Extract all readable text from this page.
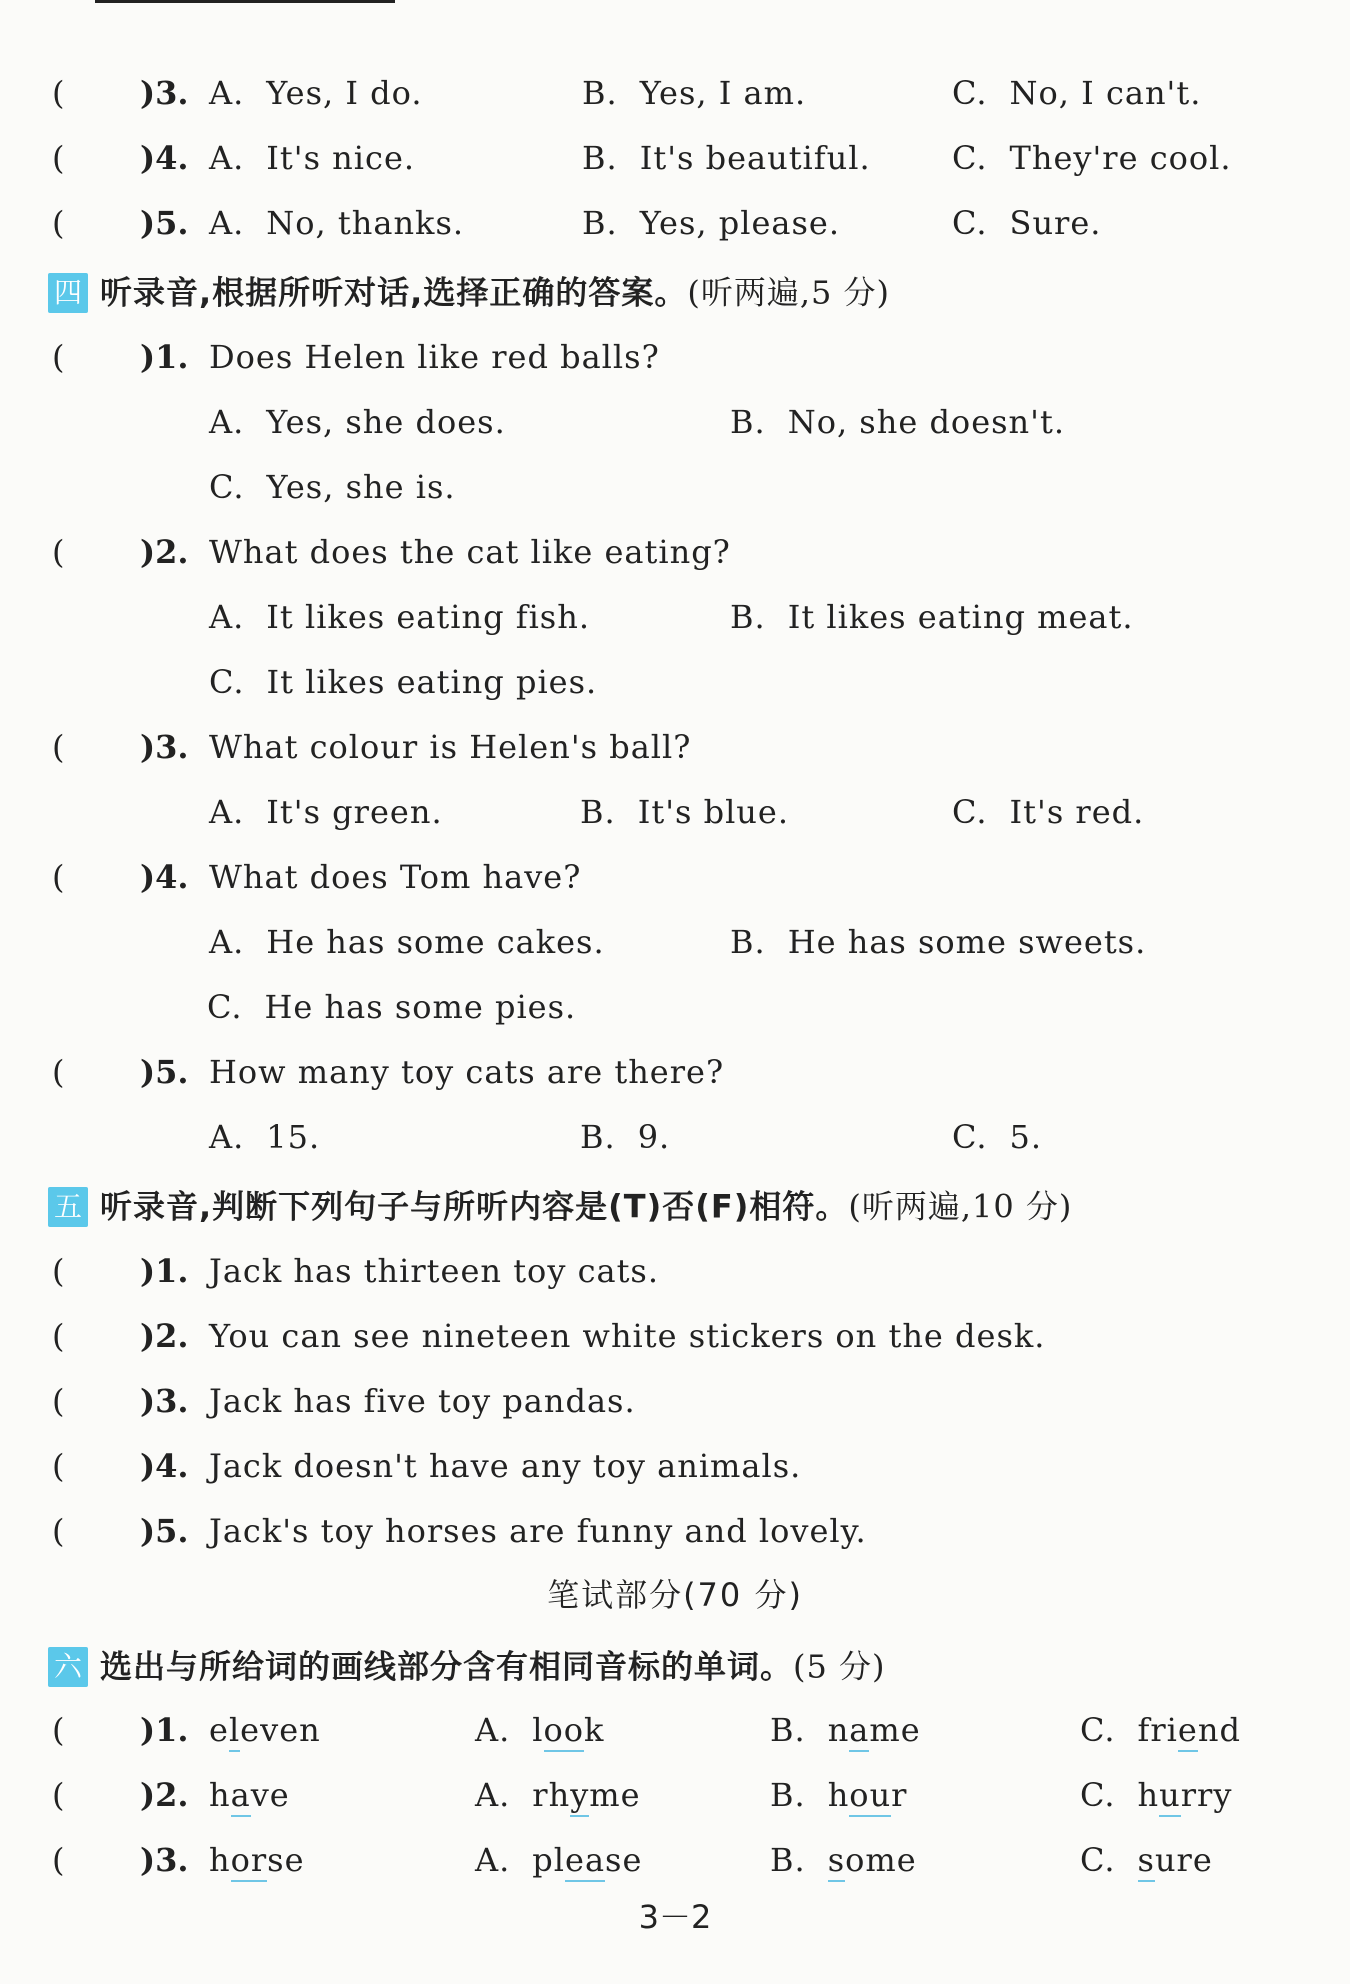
( )3. A. Yes, I do.	B. Yes, I am.	C. No, I can't.
( )4. A. It's nice.	B. It's beautiful.	C. They're cool.
( )5. A. No, thanks.	B. Yes, please.	C. Sure.
四 听录音,根据所听对话,选择正确的答案。(听两遍,5 分)
( )1. Does Helen like red balls?
A. Yes, she does.	B. No, she doesn't.
C. Yes, she is.
( )2. What does the cat like eating?
A. It likes eating fish.	B. It likes eating meat.
C. It likes eating pies.
( )3. What colour is Helen's ball?
A. It's green.	B. It's blue.	C. It's red.
( )4. What does Tom have?
A. He has some cakes.	B. He has some sweets.
C. He has some pies.
( )5. How many toy cats are there?
A. 15.	B. 9.	C. 5.
五 听录音,判断下列句子与所听内容是(T)否(F)相符。(听两遍,10 分)
( )1. Jack has thirteen toy cats.
( )2. You can see nineteen white stickers on the desk.
( )3. Jack has five toy pandas.
( )4. Jack doesn't have any toy animals.
( )5. Jack's toy horses are funny and lovely.
笔试部分(70 分)
六 选出与所给词的画线部分含有相同音标的单词。(5 分)
( )1. eleven	A. look	B. name	C. friend
( )2. have	A. rhyme	B. hour	C. hurry
( )3. horse	A. please	B. some	C. sure
3－2
